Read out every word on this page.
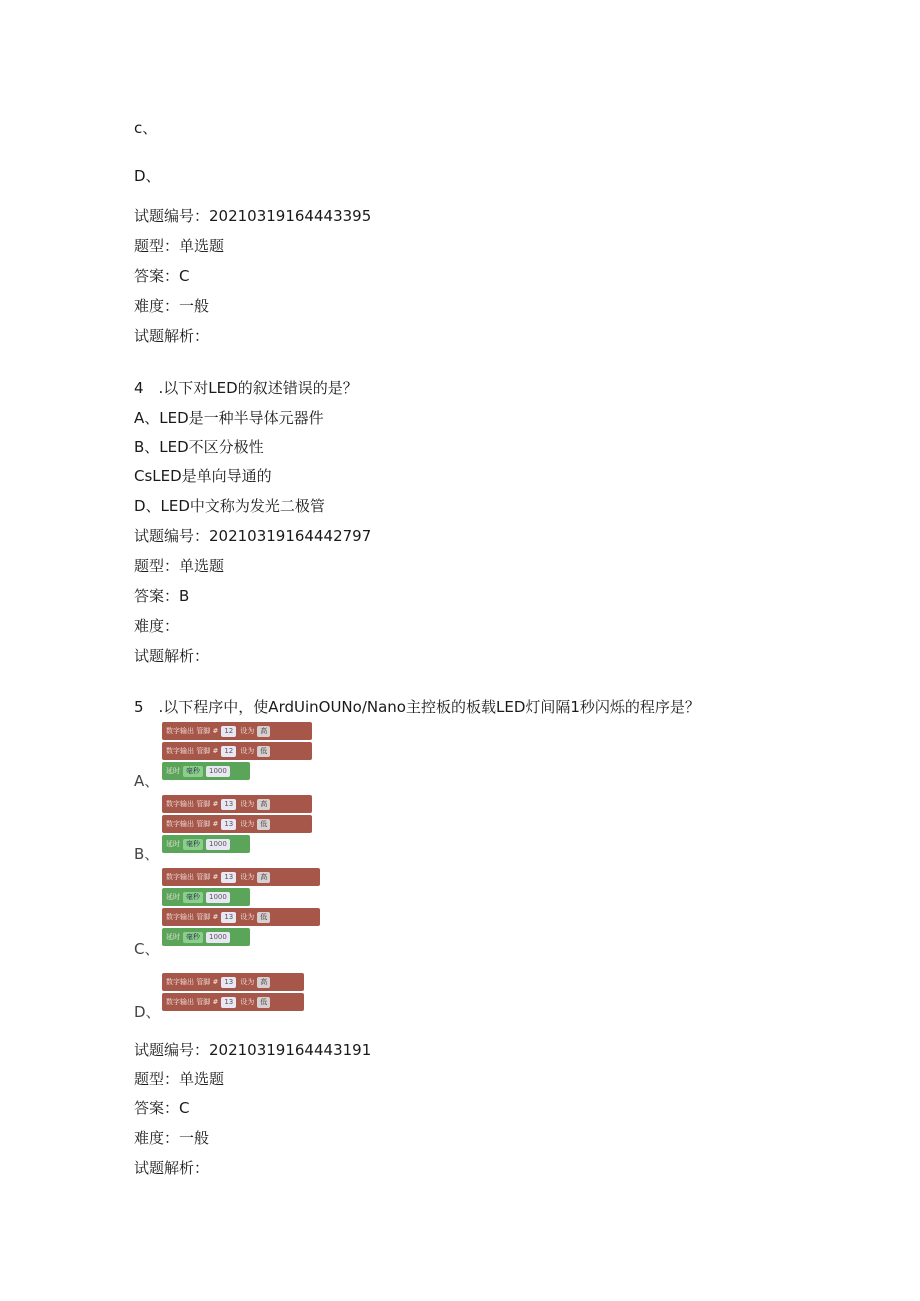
c、
D、
试题编号：20210319164443395
题型：单选题
答案：C
难度：一般
试题解析：
4 .以下对LED的叙述错误的是？
A、LED是一种半导体元器件
B、LED不区分极性
CsLED是单向导通的
D、LED中文称为发光二极管
试题编号：20210319164442797
题型：单选题
答案：B
难度：
试题解析：
5 .以下程序中，使ArdUinOUNo/Nano主控板的板载LED灯间隔1秒闪烁的程序是？
数字输出 管脚 # 12	设为 高
数字输出 管脚 # 12	设为 低
延时 毫秒	1000
A、
数字输出 管脚 # 13	设为 高
数字输出 管脚 # 13	设为 低
延时 毫秒	1000
B、
数字输出 管脚 # 13	设为 高
延时 毫秒	1000
数字输出 管脚 # 13	设为 低
延时 毫秒	1000
C、
数字输出 管脚 # 13	设为 高
数字输出 管脚 # 13	设为 低
D、
试题编号：20210319164443191
题型：单选题
答案：C
难度：一般
试题解析：
